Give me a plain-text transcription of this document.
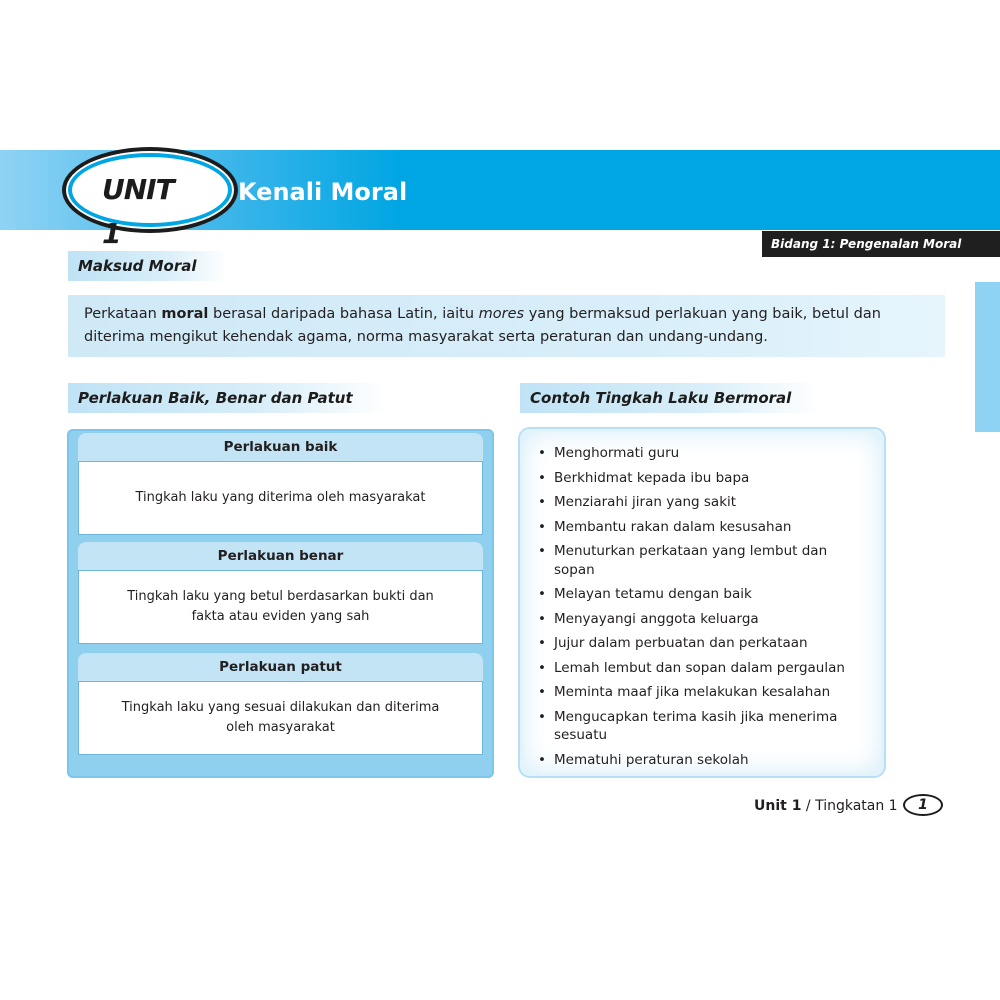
UNIT 1
Kenali Moral
Bidang 1: Pengenalan Moral
Maksud Moral
Perkataan moral berasal daripada bahasa Latin, iaitu mores yang bermaksud perlakuan yang baik, betul dan diterima mengikut kehendak agama, norma masyarakat serta peraturan dan undang-undang.
Perlakuan Baik, Benar dan Patut
Perlakuan baik
Tingkah laku yang diterima oleh masyarakat
Perlakuan benar
Tingkah laku yang betul berdasarkan bukti dan fakta atau eviden yang sah
Perlakuan patut
Tingkah laku yang sesuai dilakukan dan diterima oleh masyarakat
Contoh Tingkah Laku Bermoral
• Menghormati guru
• Berkhidmat kepada ibu bapa
• Menziarahi jiran yang sakit
• Membantu rakan dalam kesusahan
• Menuturkan perkataan yang lembut dan sopan
• Melayan tetamu dengan baik
• Menyayangi anggota keluarga
• Jujur dalam perbuatan dan perkataan
• Lemah lembut dan sopan dalam pergaulan
• Meminta maaf jika melakukan kesalahan
• Mengucapkan terima kasih jika menerima sesuatu
• Mematuhi peraturan sekolah
Unit 1 / Tingkatan 1	1
